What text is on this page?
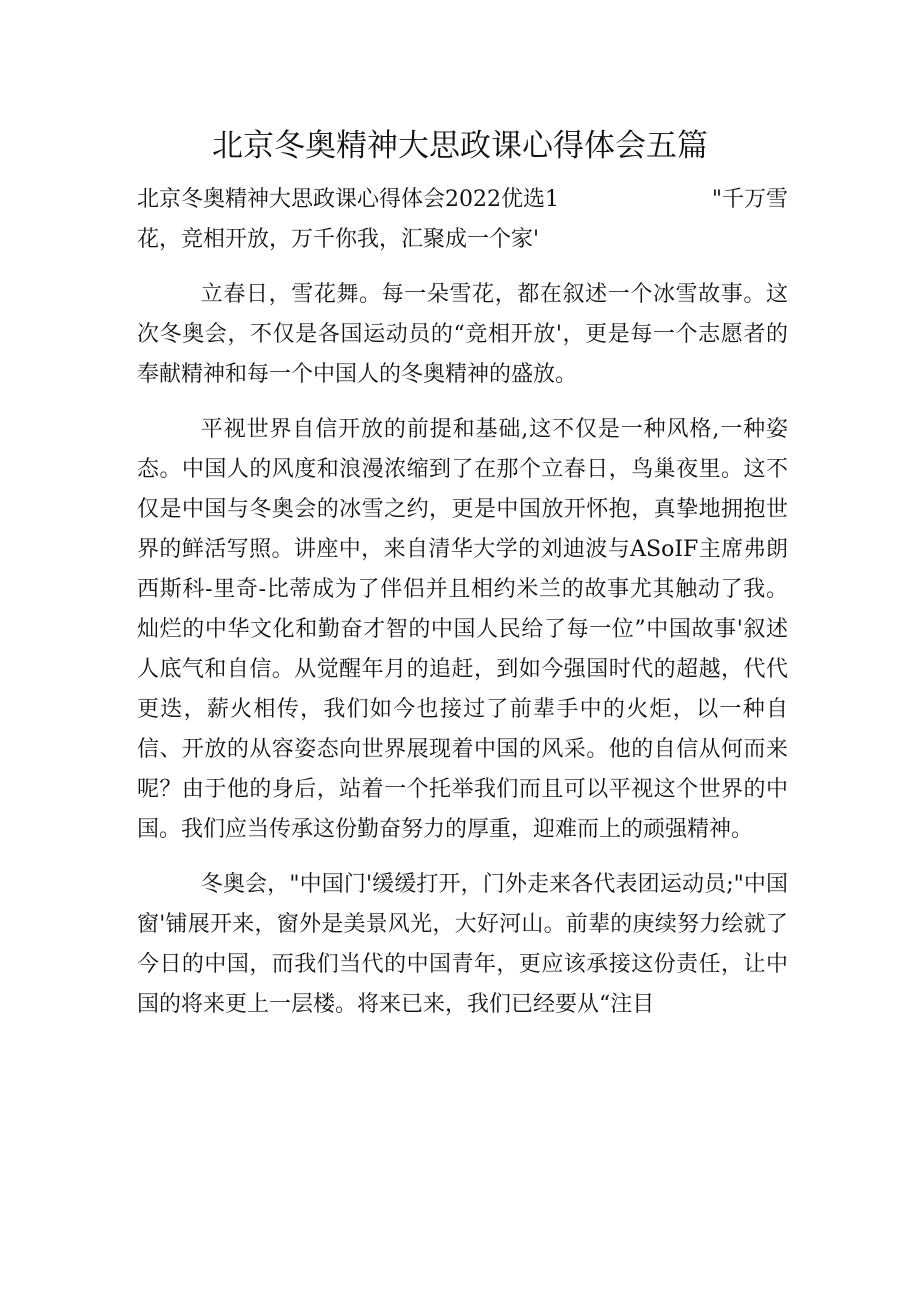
北京冬奥精神大思政课心得体会五篇
北京冬奥精神大思政课心得体会2022优选1	"千万雪
花，竞相开放，万千你我，汇聚成一个家'

立春日，雪花舞。每一朵雪花，都在叙述一个冰雪故事。这次冬奥会，不仅是各国运动员的“竞相开放'，更是每一个志愿者的奉献精神和每一个中国人的冬奥精神的盛放。

平视世界自信开放的前提和基础,这不仅是一种风格,一种姿态。中国人的风度和浪漫浓缩到了在那个立春日，鸟巢夜里。这不仅是中国与冬奥会的冰雪之约，更是中国放开怀抱，真挚地拥抱世界的鲜活写照。讲座中，来自清华大学的刘迪波与ASoIF主席弗朗西斯科-里奇-比蒂成为了伴侣并且相约米兰的故事尤其触动了我。灿烂的中华文化和勤奋才智的中国人民给了每一位”中国故事'叙述人底气和自信。从觉醒年月的追赶，到如今强国时代的超越，代代更迭，薪火相传，我们如今也接过了前辈手中的火炬，以一种自信、开放的从容姿态向世界展现着中国的风采。他的自信从何而来呢？由于他的身后，站着一个托举我们而且可以平视这个世界的中国。我们应当传承这份勤奋努力的厚重，迎难而上的顽强精神。

冬奥会，"中国门'缓缓打开，门外走来各代表团运动员;"中国窗'铺展开来，窗外是美景风光，大好河山。前辈的庚续努力绘就了今日的中国，而我们当代的中国青年，更应该承接这份责任，让中国的将来更上一层楼。将来已来，我们已经要从“注目
